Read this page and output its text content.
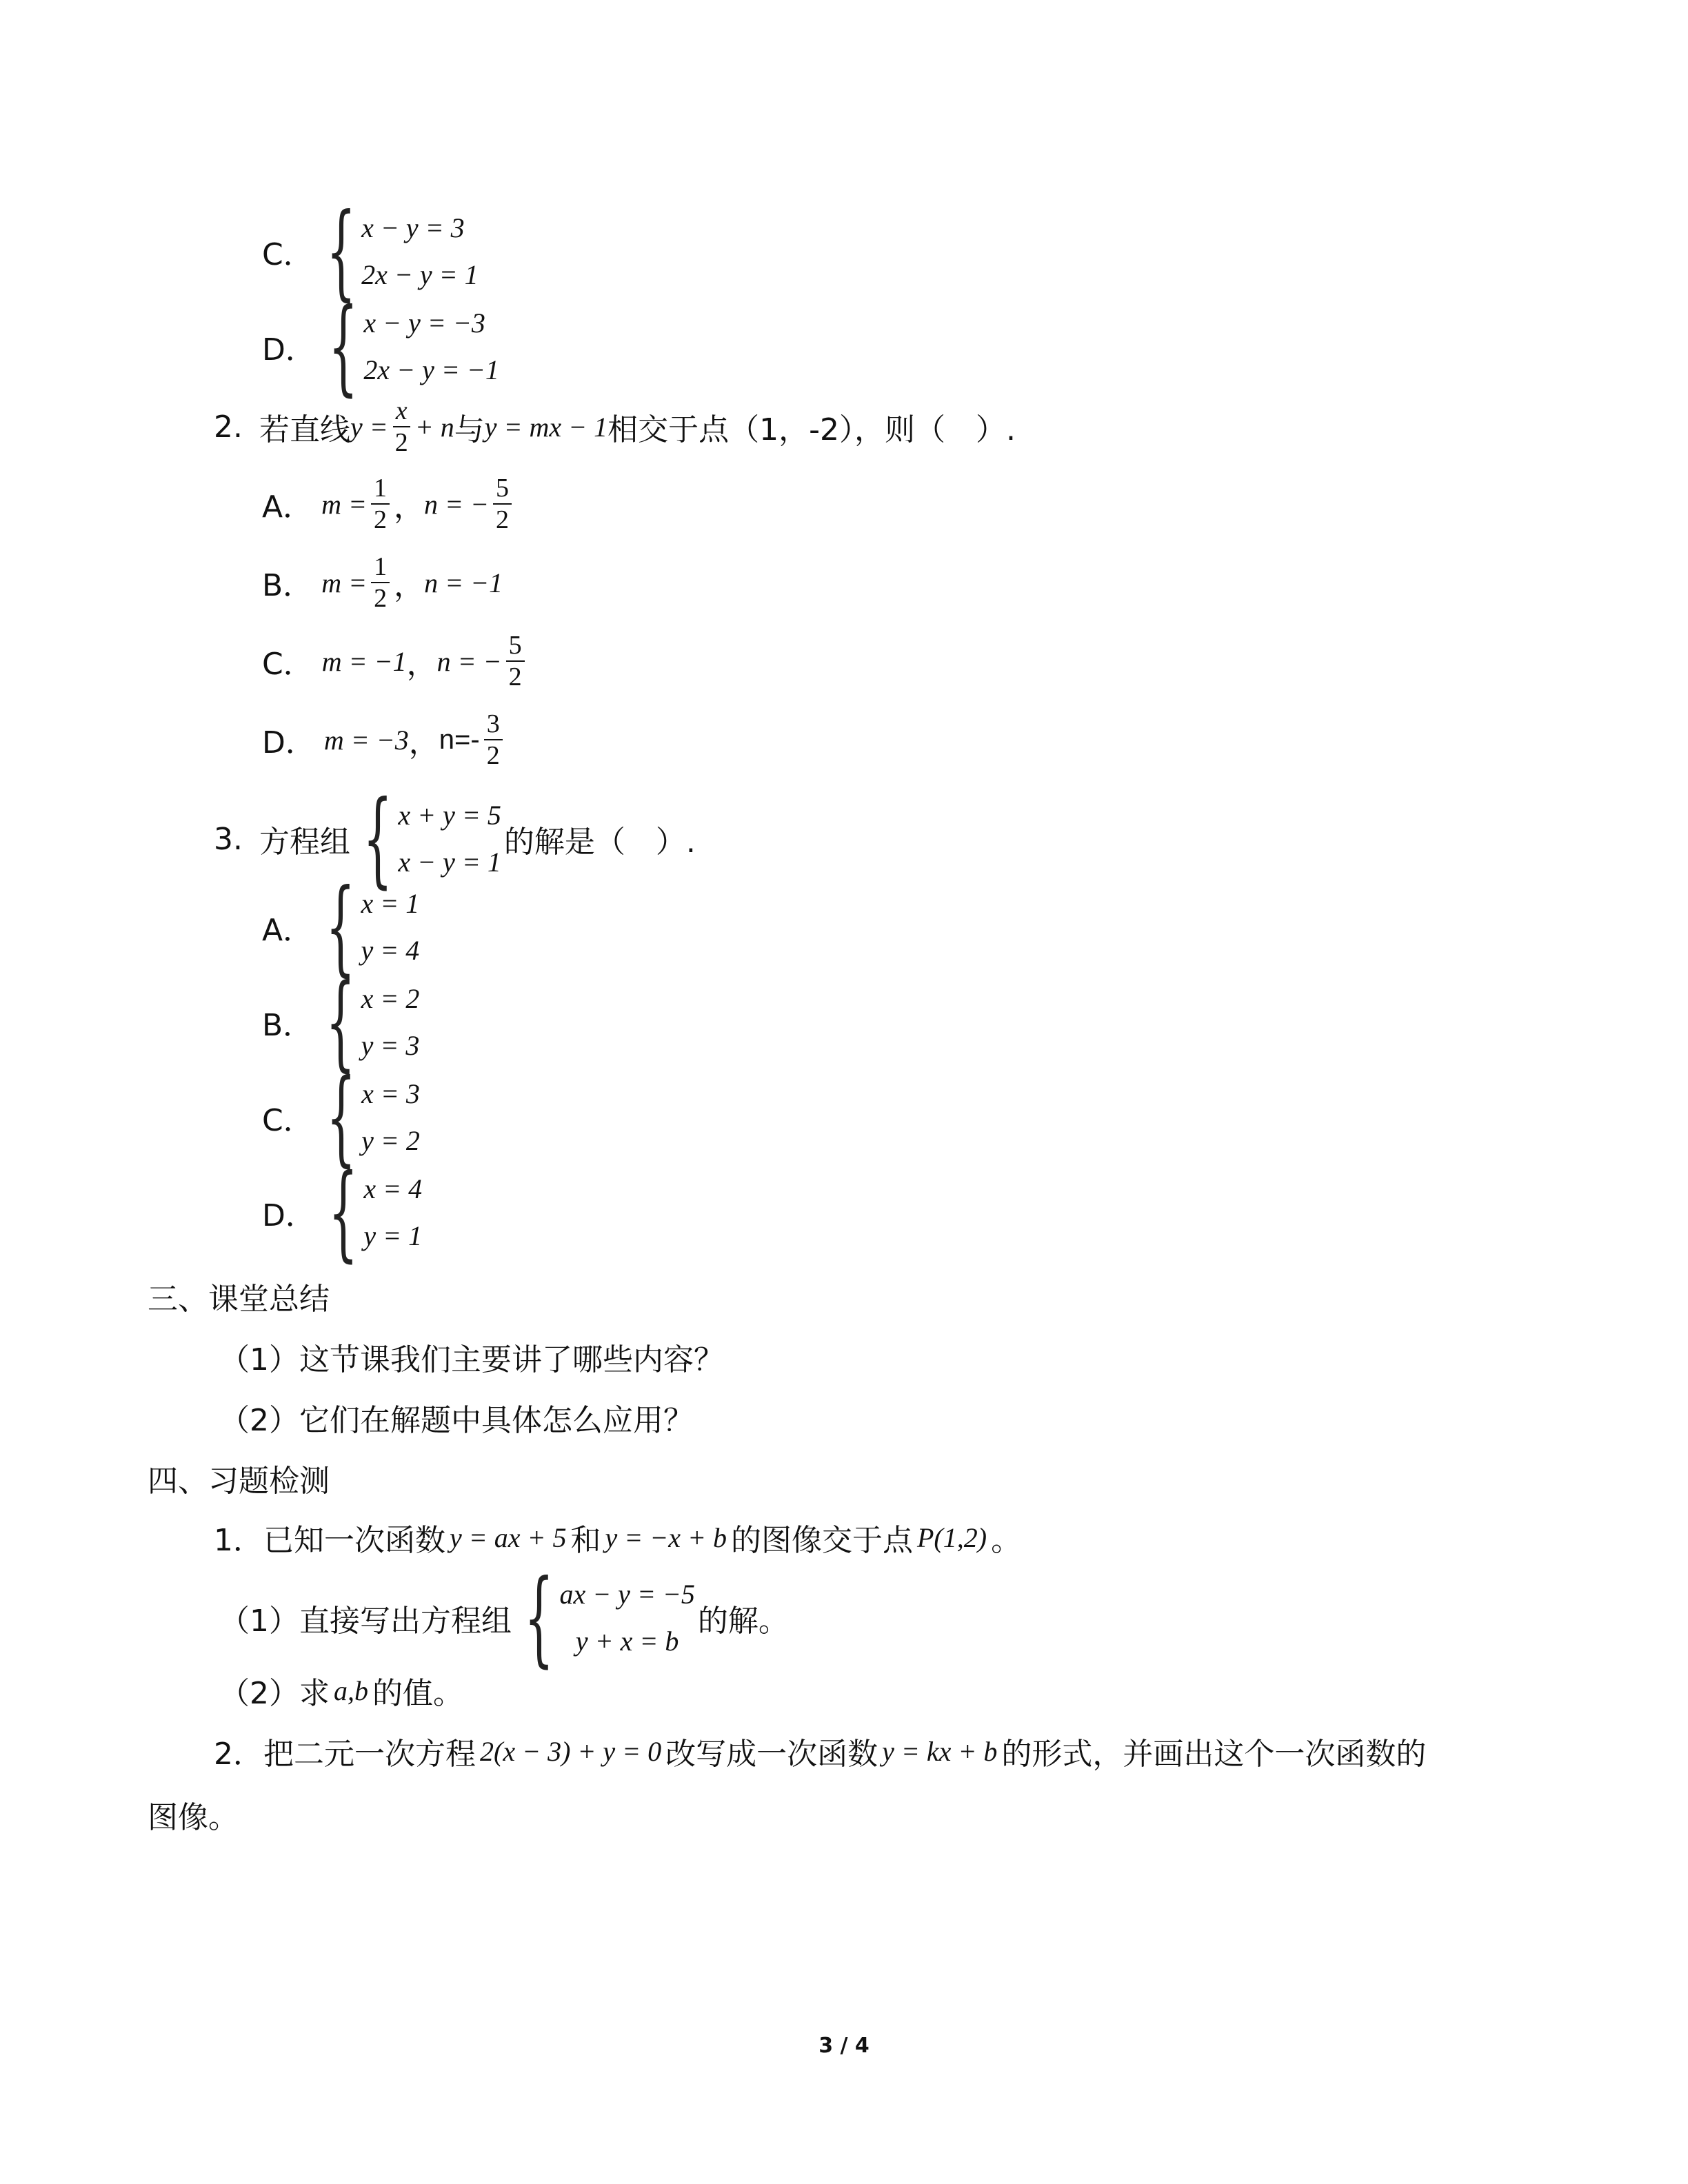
C． { x − y = 3
2x − y = 1
D． { x − y = −3
2x − y = −1
2. 若直线 $y = \frac{x}{2} + n$ 与 y = mx − 1 相交于点（1，-2），则（　）.
A． $m = \frac{1}{2}$ ， n = − $\frac{5}{2}$
B． $m = \frac{1}{2}$ ， n = −1
C． m = −1 ， n = − $\frac{5}{2}$
D． m = −3 ， $n=- \frac{3}{2}$
3. 方程组 { x + y = 5
x − y = 1
的解是（　）.
A． { x = 1
y = 4
B． { x = 2
y = 3
C． { x = 3
y = 2
D． { x = 4
y = 1
三、课堂总结
（1）这节课我们主要讲了哪些内容？
（2）它们在解题中具体怎么应用？
四、习题检测
1．已知一次函数 y = ax + 5 和 y = −x + b 的图像交于点 P(1,2) 。
（1）直接写出方程组 { ax − y = −5
y + x = b
的解。
（2）求 a,b 的值。
2．把二元一次方程 2(x − 3) + y = 0 改写成一次函数 y = kx + b 的形式，并画出这个一次函数的
图像。
3 / 4
